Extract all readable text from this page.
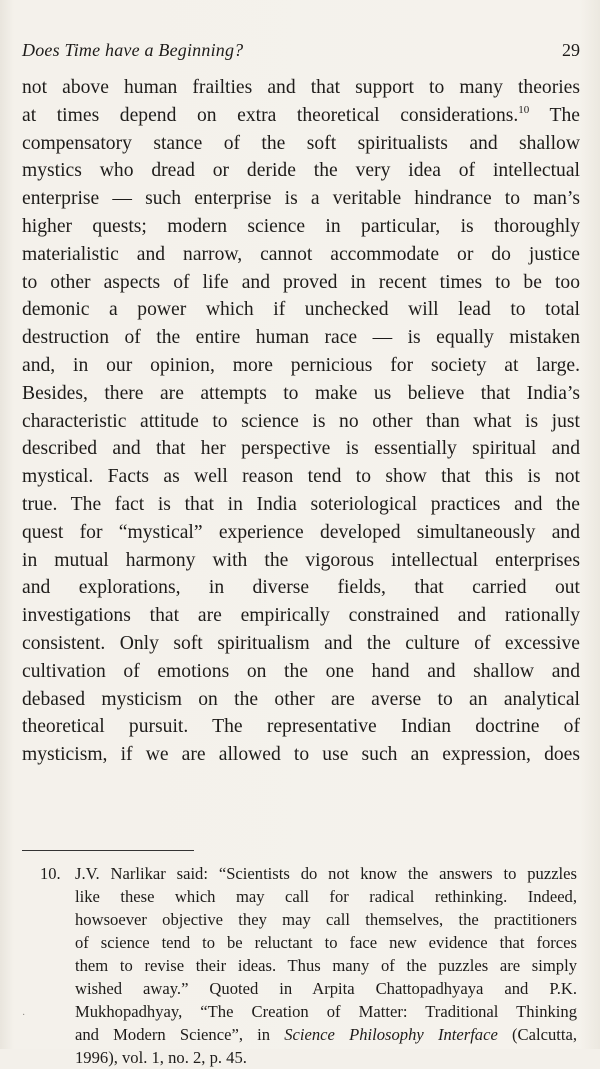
Does Time have a Beginning?	29
not above human frailties and that support to many theories
at times depend on extra theoretical considerations.$^{10}$ The
compensatory stance of the soft spiritualists and shallow
mystics who dread or deride the very idea of intellectual
enterprise — such enterprise is a veritable hindrance to man’s
higher quests; modern science in particular, is thoroughly
materialistic and narrow, cannot accommodate or do justice
to other aspects of life and proved in recent times to be too
demonic a power which if unchecked will lead to total
destruction of the entire human race — is equally mistaken
and, in our opinion, more pernicious for society at large.
Besides, there are attempts to make us believe that India’s
characteristic attitude to science is no other than what is just
described and that her perspective is essentially spiritual and
mystical. Facts as well reason tend to show that this is not
true. The fact is that in India soteriological practices and the
quest for “mystical” experience developed simultaneously and
in mutual harmony with the vigorous intellectual enterprises
and explorations, in diverse fields, that carried out
investigations that are empirically constrained and rationally
consistent. Only soft spiritualism and the culture of excessive
cultivation of emotions on the one hand and shallow and
debased mysticism on the other are averse to an analytical
theoretical pursuit. The representative Indian doctrine of
mysticism, if we are allowed to use such an expression, does
10. J.V. Narlikar said: “Scientists do not know the answers to puzzles
like these which may call for radical rethinking. Indeed,
howsoever objective they may call themselves, the practitioners
of science tend to be reluctant to face new evidence that forces
them to revise their ideas. Thus many of the puzzles are simply
wished away.” Quoted in Arpita Chattopadhyaya and P.K.
Mukhopadhyay, “The Creation of Matter: Traditional Thinking
and Modern Science”, in Science Philosophy Interface (Calcutta,
1996), vol. 1, no. 2, p. 45.
·
